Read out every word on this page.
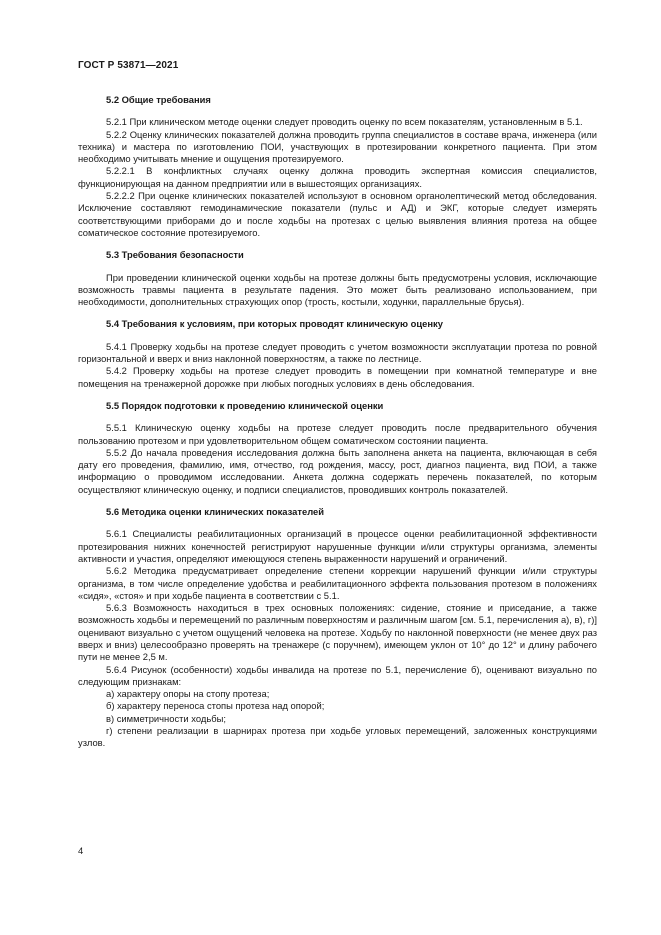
ГОСТ Р 53871—2021
5.2 Общие требования

5.2.1 При клиническом методе оценки следует проводить оценку по всем показателям, установленным в 5.1.

5.2.2 Оценку клинических показателей должна проводить группа специалистов в составе врача, инженера (или техника) и мастера по изготовлению ПОИ, участвующих в протезировании конкретного пациента. При этом необходимо учитывать мнение и ощущения протезируемого.

5.2.2.1 В конфликтных случаях оценку должна проводить экспертная комиссия специалистов, функционирующая на данном предприятии или в вышестоящих организациях.

5.2.2.2 При оценке клинических показателей используют в основном органолептический метод обследования. Исключение составляют гемодинамические показатели (пульс и АД) и ЭКГ, которые следует измерять соответствующими приборами до и после ходьбы на протезах с целью выявления влияния протеза на общее соматическое состояние протезируемого.

5.3 Требования безопасности

При проведении клинической оценки ходьбы на протезе должны быть предусмотрены условия, исключающие возможность травмы пациента в результате падения. Это может быть реализовано использованием, при необходимости, дополнительных страхующих опор (трость, костыли, ходунки, параллельные брусья).

5.4 Требования к условиям, при которых проводят клиническую оценку

5.4.1 Проверку ходьбы на протезе следует проводить с учетом возможности эксплуатации протеза по ровной горизонтальной и вверх и вниз наклонной поверхностям, а также по лестнице.

5.4.2 Проверку ходьбы на протезе следует проводить в помещении при комнатной температуре и вне помещения на тренажерной дорожке при любых погодных условиях в день обследования.

5.5 Порядок подготовки к проведению клинической оценки

5.5.1 Клиническую оценку ходьбы на протезе следует проводить после предварительного обучения пользованию протезом и при удовлетворительном общем соматическом состоянии пациента.

5.5.2 До начала проведения исследования должна быть заполнена анкета на пациента, включающая в себя дату его проведения, фамилию, имя, отчество, год рождения, массу, рост, диагноз пациента, вид ПОИ, а также информацию о проводимом исследовании. Анкета должна содержать перечень показателей, по которым осуществляют клиническую оценку, и подписи специалистов, проводивших контроль показателей.

5.6 Методика оценки клинических показателей

5.6.1 Специалисты реабилитационных организаций в процессе оценки реабилитационной эффективности протезирования нижних конечностей регистрируют нарушенные функции и/или структуры организма, элементы активности и участия, определяют имеющуюся степень выраженности нарушений и ограничений.

5.6.2 Методика предусматривает определение степени коррекции нарушений функции и/или структуры организма, в том числе определение удобства и реабилитационного эффекта пользования протезом в положениях «сидя», «стоя» и при ходьбе пациента в соответствии с 5.1.

5.6.3 Возможность находиться в трех основных положениях: сидение, стояние и приседание, а также возможность ходьбы и перемещений по различным поверхностям и различным шагом [см. 5.1, перечисления а), в), г)] оценивают визуально с учетом ощущений человека на протезе. Ходьбу по наклонной поверхности (не менее двух раз вверх и вниз) целесообразно проверять на тренажере (с поручнем), имеющем уклон от 10° до 12° и длину рабочего пути не менее 2,5 м.

5.6.4 Рисунок (особенности) ходьбы инвалида на протезе по 5.1, перечисление б), оценивают визуально по следующим признакам:

а) характеру опоры на стопу протеза;

б) характеру переноса стопы протеза над опорой;

в) симметричности ходьбы;

г) степени реализации в шарнирах протеза при ходьбе угловых перемещений, заложенных конструкциями узлов.

4
